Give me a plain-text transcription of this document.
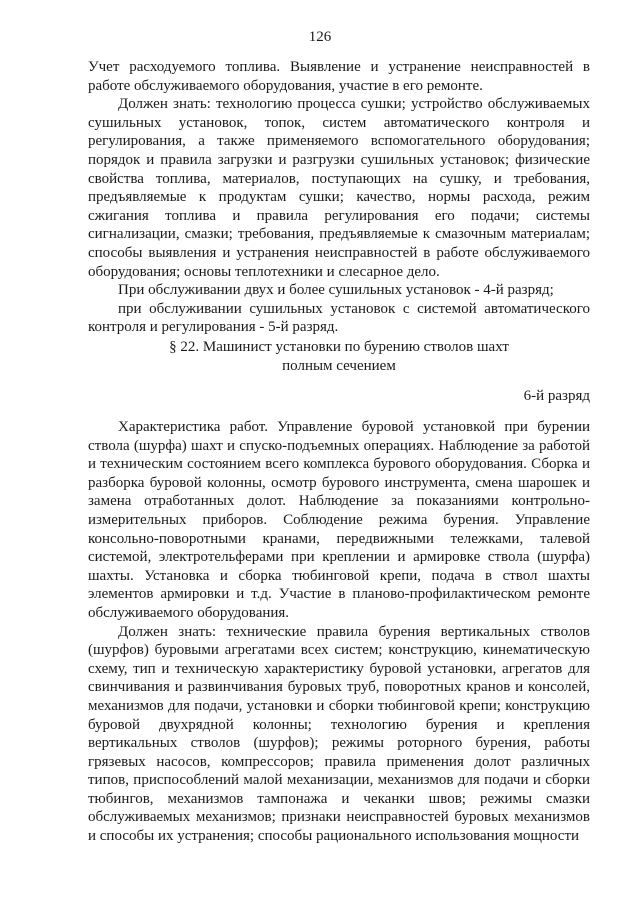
126

Учет расходуемого топлива. Выявление и устранение неисправностей в работе обслуживаемого оборудования, участие в его ремонте.

Должен знать: технологию процесса сушки; устройство обслуживаемых сушильных установок, топок, систем автоматического контроля и регулирования, а также применяемого вспомогательного оборудования; порядок и правила загрузки и разгрузки сушильных установок; физические свойства топлива, материалов, поступающих на сушку, и требования, предъявляемые к продуктам сушки; качество, нормы расхода, режим сжигания топлива и правила регулирования его подачи; системы сигнализации, смазки; требования, предъявляемые к смазочным материалам; способы выявления и устранения неисправностей в работе обслуживаемого оборудования; основы теплотехники и слесарное дело.

При обслуживании двух и более сушильных установок - 4-й разряд;

при обслуживании сушильных установок с системой автоматического контроля и регулирования - 5-й разряд.

§ 22. Машинист установки по бурению стволов шахт
полным сечением
6-й разряд

Характеристика работ. Управление буровой установкой при бурении ствола (шурфа) шахт и спуско-подъемных операциях. Наблюдение за работой и техническим состоянием всего комплекса бурового оборудования. Сборка и разборка буровой колонны, осмотр бурового инструмента, смена шарошек и замена отработанных долот. Наблюдение за показаниями контрольно-измерительных приборов. Соблюдение режима бурения. Управление консольно-поворотными кранами, передвижными тележками, талевой системой, электротельферами при креплении и армировке ствола (шурфа) шахты. Установка и сборка тюбинговой крепи, подача в ствол шахты элементов армировки и т.д. Участие в планово-профилактическом ремонте обслуживаемого оборудования.

Должен знать: технические правила бурения вертикальных стволов (шурфов) буровыми агрегатами всех систем; конструкцию, кинематическую схему, тип и техническую характеристику буровой установки, агрегатов для свинчивания и развинчивания буровых труб, поворотных кранов и консолей, механизмов для подачи, установки и сборки тюбинговой крепи; конструкцию буровой двухрядной колонны; технологию бурения и крепления вертикальных стволов (шурфов); режимы роторного бурения, работы грязевых насосов, компрессоров; правила применения долот различных типов, приспособлений малой механизации, механизмов для подачи и сборки тюбингов, механизмов тампонажа и чеканки швов; режимы смазки обслуживаемых механизмов; признаки неисправностей буровых механизмов и способы их устранения; способы рационального использования мощности
